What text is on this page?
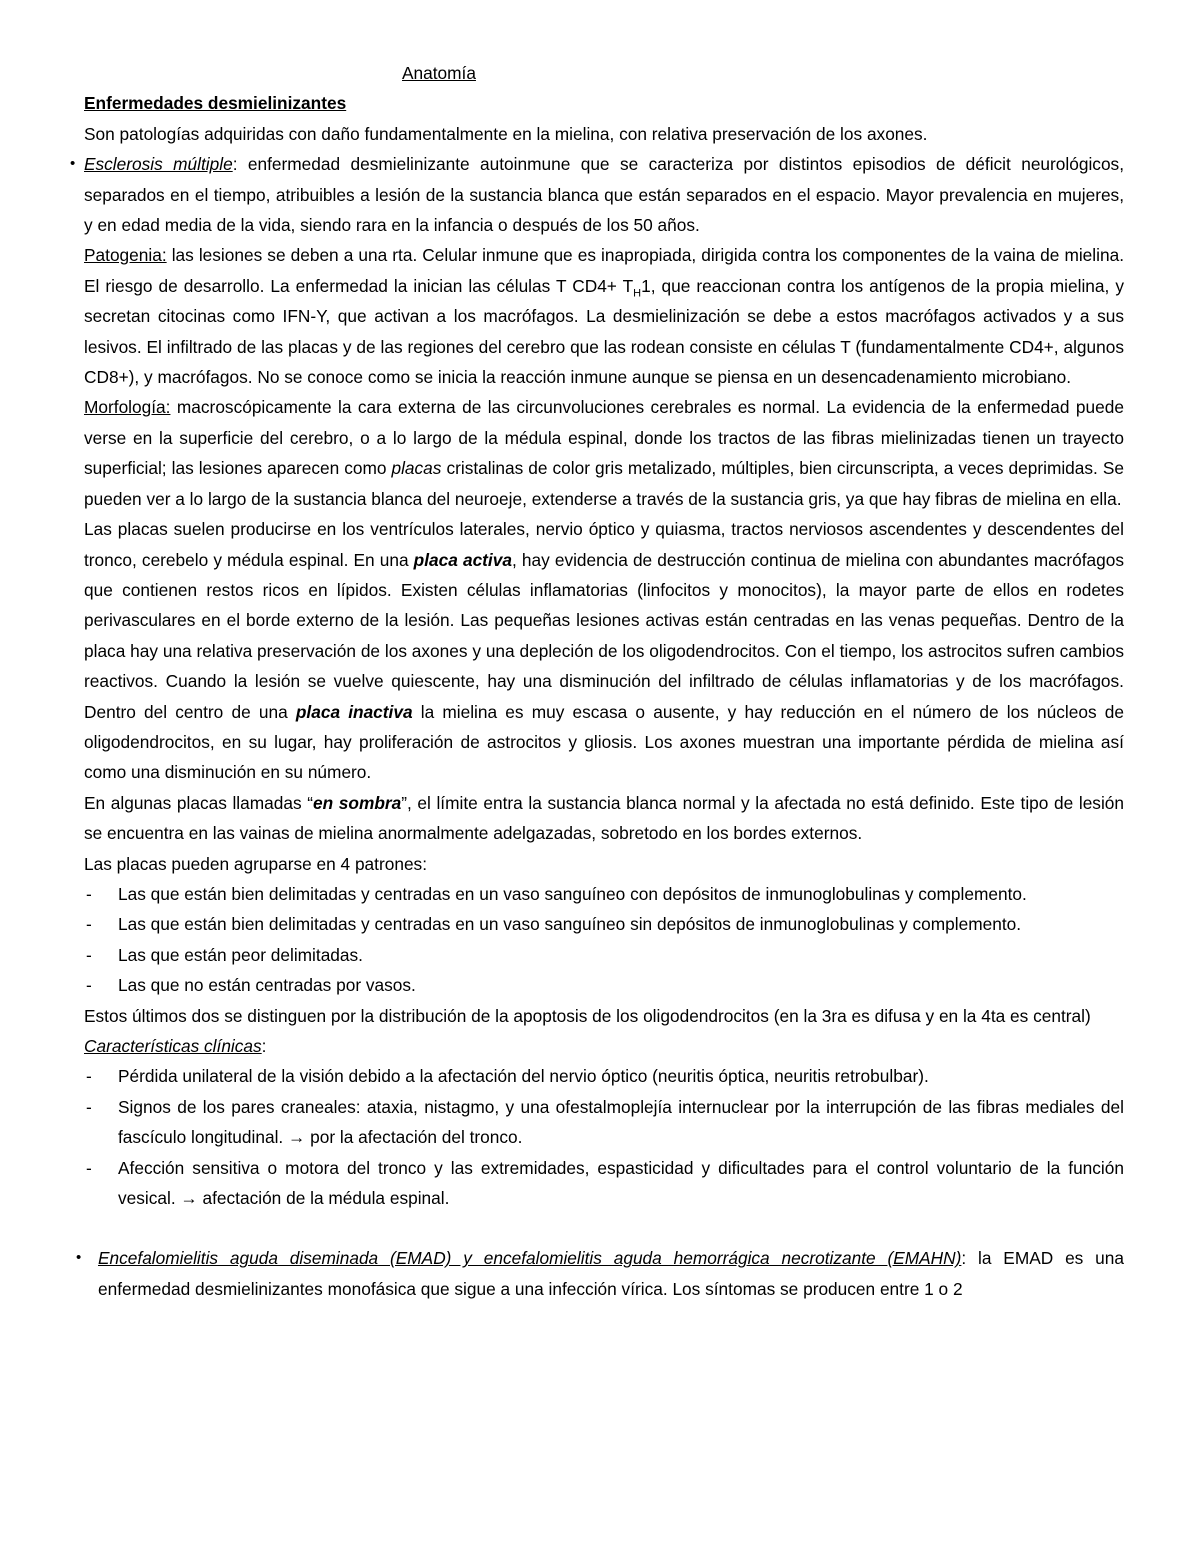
Anatomía

Enfermedades desmielinizantes

Son patologías adquiridas con daño fundamentalmente en la mielina, con relativa preservación de los axones.

• Esclerosis múltiple: enfermedad desmielinizante autoinmune que se caracteriza por distintos episodios de déficit neurológicos, separados en el tiempo, atribuibles a lesión de la sustancia blanca que están separados en el espacio. Mayor prevalencia en mujeres, y en edad media de la vida, siendo rara en la infancia o después de los 50 años.

Patogenia: las lesiones se deben a una rta. Celular inmune que es inapropiada, dirigida contra los componentes de la vaina de mielina. El riesgo de desarrollo. La enfermedad la inician las células T $CD4+ T_H1$, que reaccionan contra los antígenos de la propia mielina, y secretan citocinas como IFN-Y, que activan a los macrófagos. La desmielinización se debe a estos macrófagos activados y a sus lesivos. El infiltrado de las placas y de las regiones del cerebro que las rodean consiste en células T (fundamentalmente CD4+, algunos CD8+), y macrófagos. No se conoce como se inicia la reacción inmune aunque se piensa en un desencadenamiento microbiano.

Morfología: macroscópicamente la cara externa de las circunvoluciones cerebrales es normal. La evidencia de la enfermedad puede verse en la superficie del cerebro, o a lo largo de la médula espinal, donde los tractos de las fibras mielinizadas tienen un trayecto superficial; las lesiones aparecen como placas cristalinas de color gris metalizado, múltiples, bien circunscripta, a veces deprimidas. Se pueden ver a lo largo de la sustancia blanca del neuroeje, extenderse a través de la sustancia gris, ya que hay fibras de mielina en ella.

Las placas suelen producirse en los ventrículos laterales, nervio óptico y quiasma, tractos nerviosos ascendentes y descendentes del tronco, cerebelo y médula espinal. En una placa activa, hay evidencia de destrucción continua de mielina con abundantes macrófagos que contienen restos ricos en lípidos. Existen células inflamatorias (linfocitos y monocitos), la mayor parte de ellos en rodetes perivasculares en el borde externo de la lesión. Las pequeñas lesiones activas están centradas en las venas pequeñas. Dentro de la placa hay una relativa preservación de los axones y una depleción de los oligodendrocitos. Con el tiempo, los astrocitos sufren cambios reactivos. Cuando la lesión se vuelve quiescente, hay una disminución del infiltrado de células inflamatorias y de los macrófagos. Dentro del centro de una placa inactiva la mielina es muy escasa o ausente, y hay reducción en el número de los núcleos de oligodendrocitos, en su lugar, hay proliferación de astrocitos y gliosis. Los axones muestran una importante pérdida de mielina así como una disminución en su número.

En algunas placas llamadas “en sombra”, el límite entra la sustancia blanca normal y la afectada no está definido. Este tipo de lesión se encuentra en las vainas de mielina anormalmente adelgazadas, sobretodo en los bordes externos.

Las placas pueden agruparse en 4 patrones:

- Las que están bien delimitadas y centradas en un vaso sanguíneo con depósitos de inmunoglobulinas y complemento.
- Las que están bien delimitadas y centradas en un vaso sanguíneo sin depósitos de inmunoglobulinas y complemento.
- Las que están peor delimitadas.
- Las que no están centradas por vasos.

Estos últimos dos se distinguen por la distribución de la apoptosis de los oligodendrocitos (en la 3ra es difusa y en la 4ta es central)

Características clínicas:

- Pérdida unilateral de la visión debido a la afectación del nervio óptico (neuritis óptica, neuritis retrobulbar).
- Signos de los pares craneales: ataxia, nistagmo, y una ofestalmoplejía internuclear por la interrupción de las fibras mediales del fascículo longitudinal. → por la afectación del tronco.
- Afección sensitiva o motora del tronco y las extremidades, espasticidad y dificultades para el control voluntario de la función vesical. → afectación de la médula espinal.
• Encefalomielitis aguda diseminada (EMAD) y encefalomielitis aguda hemorrágica necrotizante (EMAHN): la EMAD es una enfermedad desmielinizantes monofásica que sigue a una infección vírica. Los síntomas se producen entre 1 o 2
